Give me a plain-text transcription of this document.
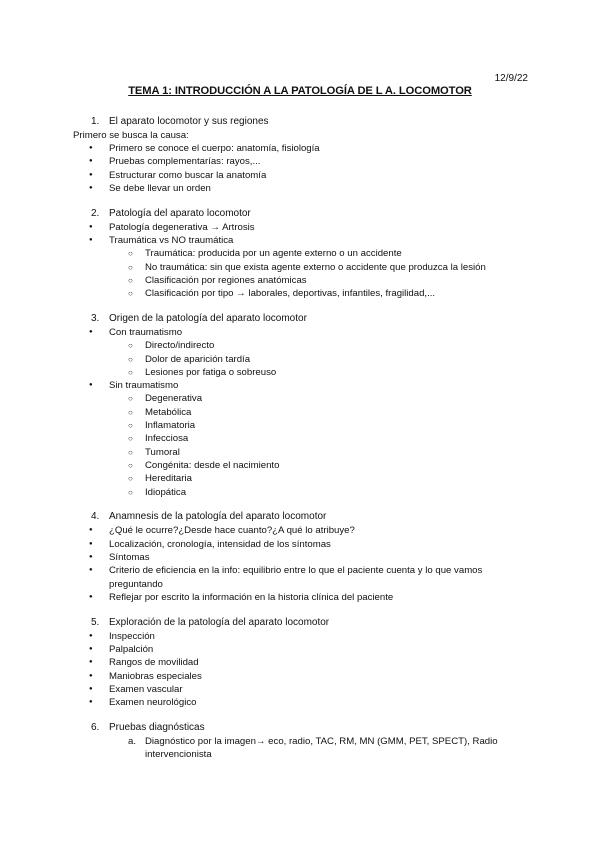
12/9/22
TEMA 1: INTRODUCCIÓN A LA PATOLOGÍA DE L A. LOCOMOTOR
1. El aparato locomotor y sus regiones
Primero se busca la causa:
● Primero se conoce el cuerpo: anatomía, fisiología
● Pruebas complementarías: rayos,...
● Estructurar como buscar la anatomía
● Se debe llevar un orden
2. Patología del aparato locomotor
● Patología degenerativa → Artrosis
● Traumática vs NO traumática
○ Traumática: producida por un agente externo o un accidente
○ No traumática: sin que exista agente externo o accidente que produzca la lesión
○ Clasificación por regiones anatómicas
○ Clasificación por tipo → laborales, deportivas, infantiles, fragilidad,...
3. Origen de la patología del aparato locomotor
● Con traumatismo
○ Directo/indirecto
○ Dolor de aparición tardía
○ Lesiones por fatiga o sobreuso
● Sin traumatismo
○ Degenerativa
○ Metabólica
○ Inflamatoria
○ Infecciosa
○ Tumoral
○ Congénita: desde el nacimiento
○ Hereditaria
○ Idiopática
4. Anamnesis de la patología del aparato locomotor
● ¿Qué le ocurre?¿Desde hace cuanto?¿A qué lo atribuye?
● Localización, cronología, intensidad de los síntomas
● Síntomas
● Criterio de eficiencia en la info: equilibrio entre lo que el paciente cuenta y lo que vamos preguntando
● Reflejar por escrito la información en la historia clínica del paciente
5. Exploración de la patología del aparato locomotor
● Inspección
● Palpalción
● Rangos de movilidad
● Maniobras especiales
● Examen vascular
● Examen neurológico
6. Pruebas diagnósticas
a. Diagnóstico por la imagen→ eco, radio, TAC, RM, MN (GMM, PET, SPECT), Radio intervencionista
